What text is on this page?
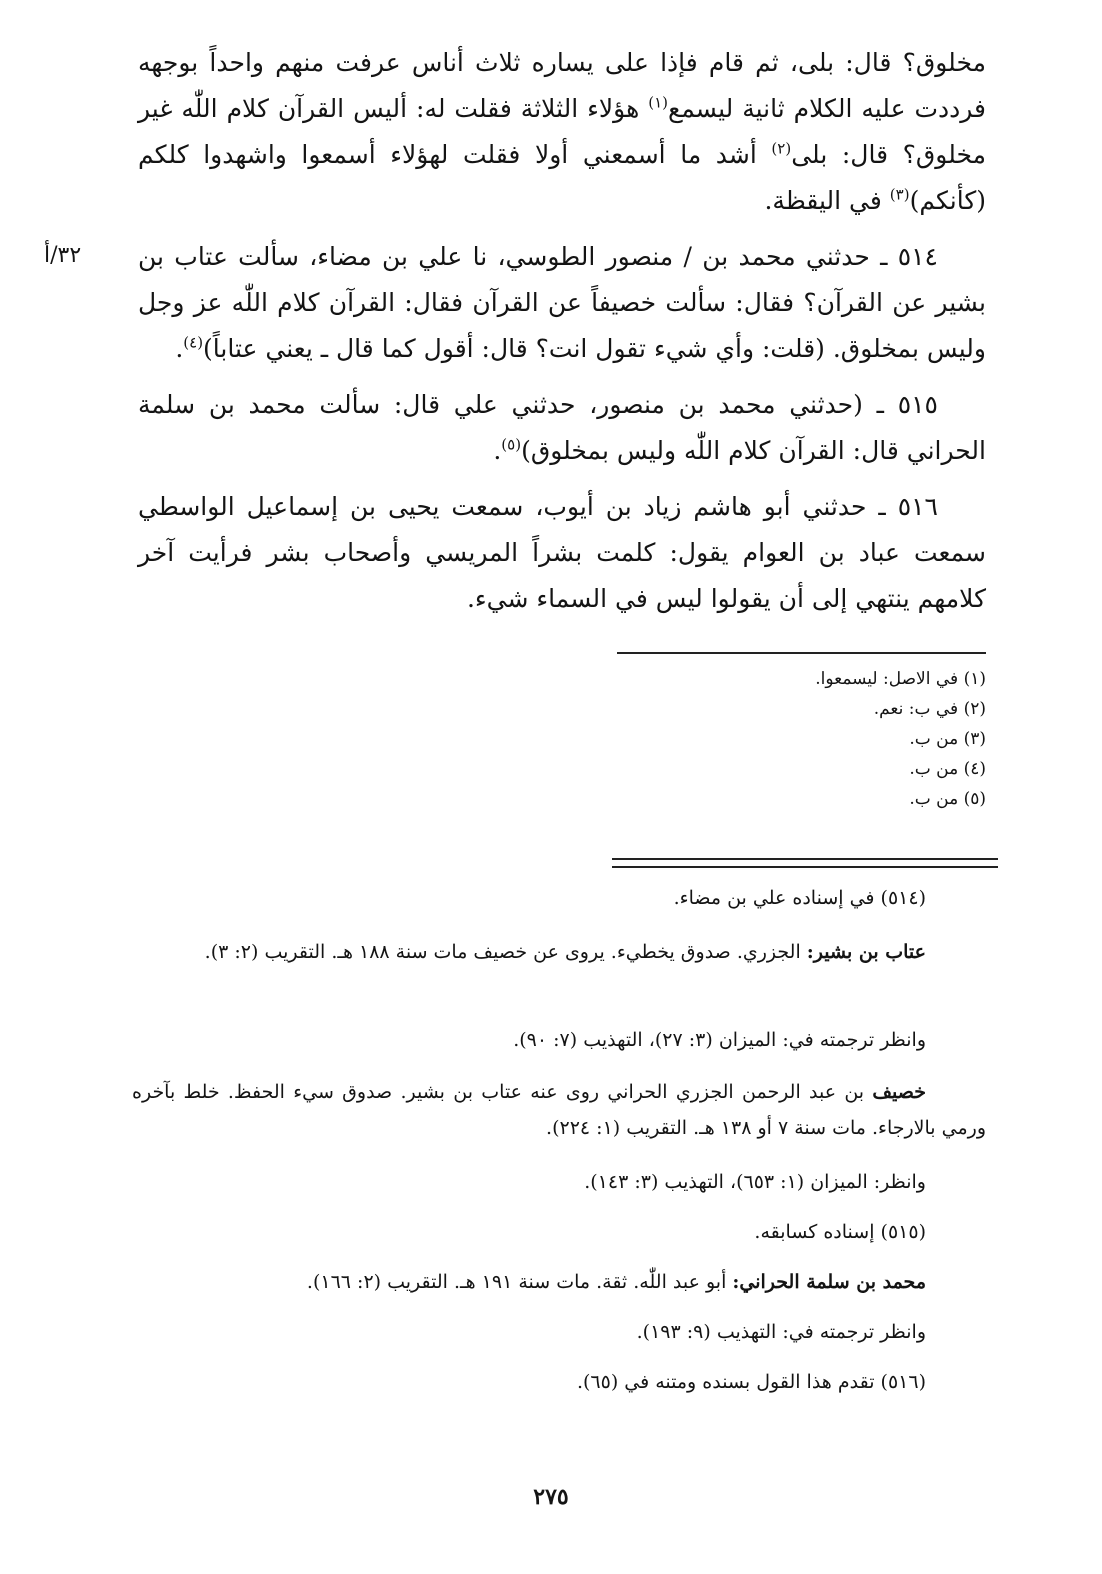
مخلوق؟ قال: بلى، ثم قام فإذا على يساره ثلاث أناس عرفت منهم واحداً بوجهه فرددت عليه الكلام ثانية ليسمع$^{(١)}$ هؤلاء الثلاثة فقلت له: أليس القرآن كلام اللّٰه غير مخلوق؟ قال: بلى$^{(٢)}$ أشد ما أسمعني أولا فقلت لهؤلاء أسمعوا واشهدوا كلكم (كأنكم)$^{(٣)}$ في اليقظة.

٥١٤ ـ حدثني محمد بن / منصور الطوسي، نا علي بن مضاء، سألت عتاب بن بشير عن القرآن؟ فقال: سألت خصيفاً عن القرآن فقال: القرآن كلام اللّٰه عز وجل وليس بمخلوق. (قلت: وأي شيء تقول انت؟ قال: أقول كما قال ـ يعني عتاباً)$^{(٤)}$.

٣٢/أ

٥١٥ ـ (حدثني محمد بن منصور، حدثني علي قال: سألت محمد بن سلمة الحراني قال: القرآن كلام اللّٰه وليس بمخلوق)$^{(٥)}$.

٥١٦ ـ حدثني أبو هاشم زياد بن أيوب، سمعت يحيى بن إسماعيل الواسطي سمعت عباد بن العوام يقول: كلمت بشراً المريسي وأصحاب بشر فرأيت آخر كلامهم ينتهي إلى أن يقولوا ليس في السماء شيء.

(١) في الاصل: ليسمعوا.
(٢) في ب: نعم.
(٣) من ب.
(٤) من ب.
(٥) من ب.
(٥١٤) في إسناده علي بن مضاء.
عتاب بن بشير: الجزري. صدوق يخطيء. يروى عن خصيف مات سنة ١٨٨ هـ. التقريب (٢: ٣).
وانظر ترجمته في: الميزان (٣: ٢٧)، التهذيب (٧: ٩٠).
خصيف بن عبد الرحمن الجزري الحراني روى عنه عتاب بن بشير. صدوق سيء الحفظ. خلط بآخره ورمي بالارجاء. مات سنة ٧ أو ١٣٨ هـ. التقريب (١: ٢٢٤).
وانظر: الميزان (١: ٦٥٣)، التهذيب (٣: ١٤٣).
(٥١٥) إسناده كسابقه.
محمد بن سلمة الحراني: أبو عبد اللّٰه. ثقة. مات سنة ١٩١ هـ. التقريب (٢: ١٦٦).
وانظر ترجمته في: التهذيب (٩: ١٩٣).
(٥١٦) تقدم هذا القول بسنده ومتنه في (٦٥).
٢٧٥
